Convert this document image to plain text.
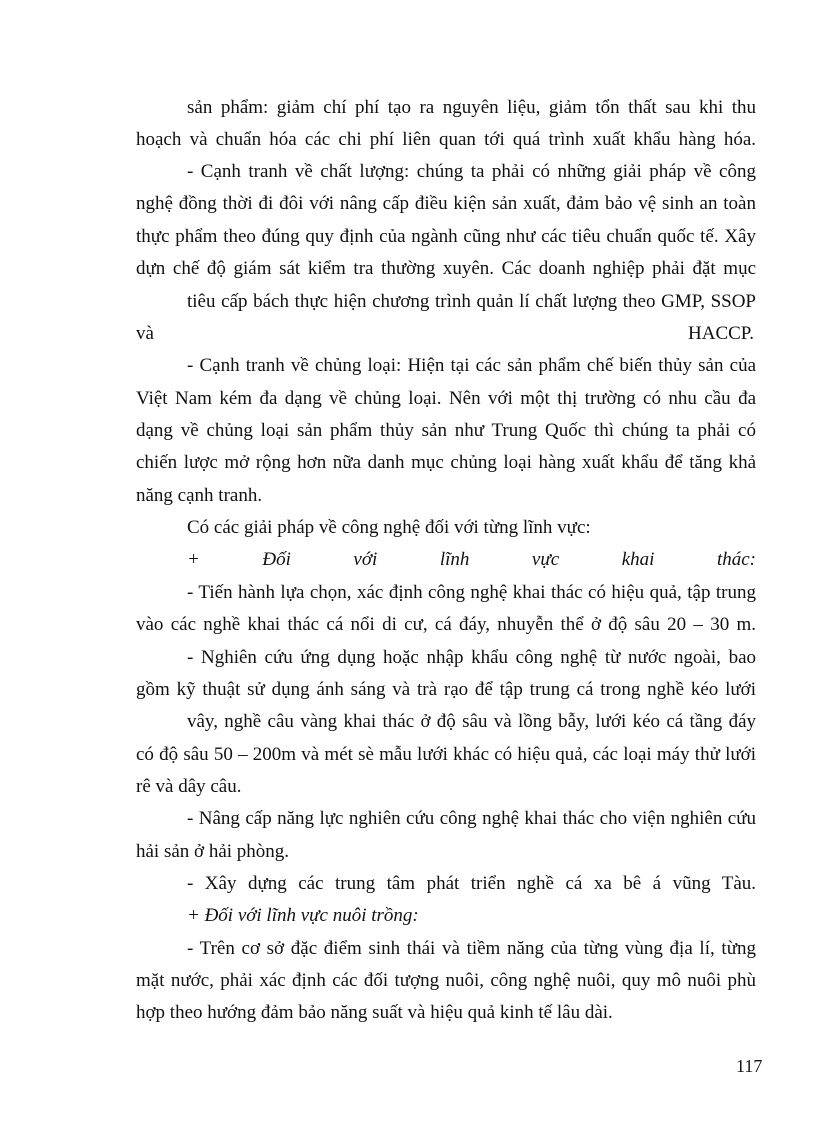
sản phẩm: giảm chí phí tạo ra nguyên liệu, giảm tổn thất sau khi thu
hoạch và chuẩn hóa các chi phí liên quan tới quá trình xuất khẩu hàng hóa.
- Cạnh tranh về chất lượng: chúng ta phải có những giải pháp về công
nghệ đồng thời đi đôi với nâng cấp điều kiện sản xuất, đảm bảo vệ sinh an toàn
thực phẩm theo đúng quy định của ngành cũng như các tiêu chuẩn quốc tế. Xây
dựn chế độ giám sát kiểm tra thường xuyên. Các doanh nghiệp phải đặt mục
tiêu cấp bách thực hiện chương trình quản lí chất lượng theo GMP, SSOP
và	HACCP.
- Cạnh tranh về chủng loại: Hiện tại các sản phẩm chế biến thủy sản của
Việt Nam kém đa dạng về chủng loại. Nên với một thị trường có nhu cầu đa
dạng về chủng loại sản phẩm thủy sản như Trung Quốc thì chúng ta phải có
chiến lược mở rộng hơn nữa danh mục chủng loại hàng xuất khẩu để tăng khả
năng cạnh tranh.
Có các giải pháp về công nghệ đối với từng lĩnh vực:
+ Đối với lĩnh vực khai thác:
- Tiến hành lựa chọn, xác định công nghệ khai thác có hiệu quả, tập trung
vào các nghề khai thác cá nổi di cư, cá đáy, nhuyễn thể ở độ sâu 20 – 30 m.
- Nghiên cứu ứng dụng hoặc nhập khẩu công nghệ từ nước ngoài, bao
gồm kỹ thuật sử dụng ánh sáng và trà rạo để tập trung cá trong nghề kéo lưới
vây, nghề câu vàng khai thác ở độ sâu và lồng bẫy, lưới kéo cá tầng đáy
có độ sâu 50 – 200m và mét sè mẫu lưới khác có hiệu quả, các loại máy thử lưới
rê và dây câu.
- Nâng cấp năng lực nghiên cứu công nghệ khai thác cho viện nghiên cứu
hải sản ở hải phòng.
- Xây dựng các trung tâm phát triển nghề cá xa bê á vũng Tàu.
+ Đối với lĩnh vực nuôi trồng:
- Trên cơ sở đặc điểm sinh thái và tiềm năng của từng vùng địa lí, từng
mặt nước, phải xác định các đối tượng nuôi, công nghệ nuôi, quy mô nuôi phù
hợp theo hướng đảm bảo năng suất và hiệu quả kinh tế lâu dài.
117
